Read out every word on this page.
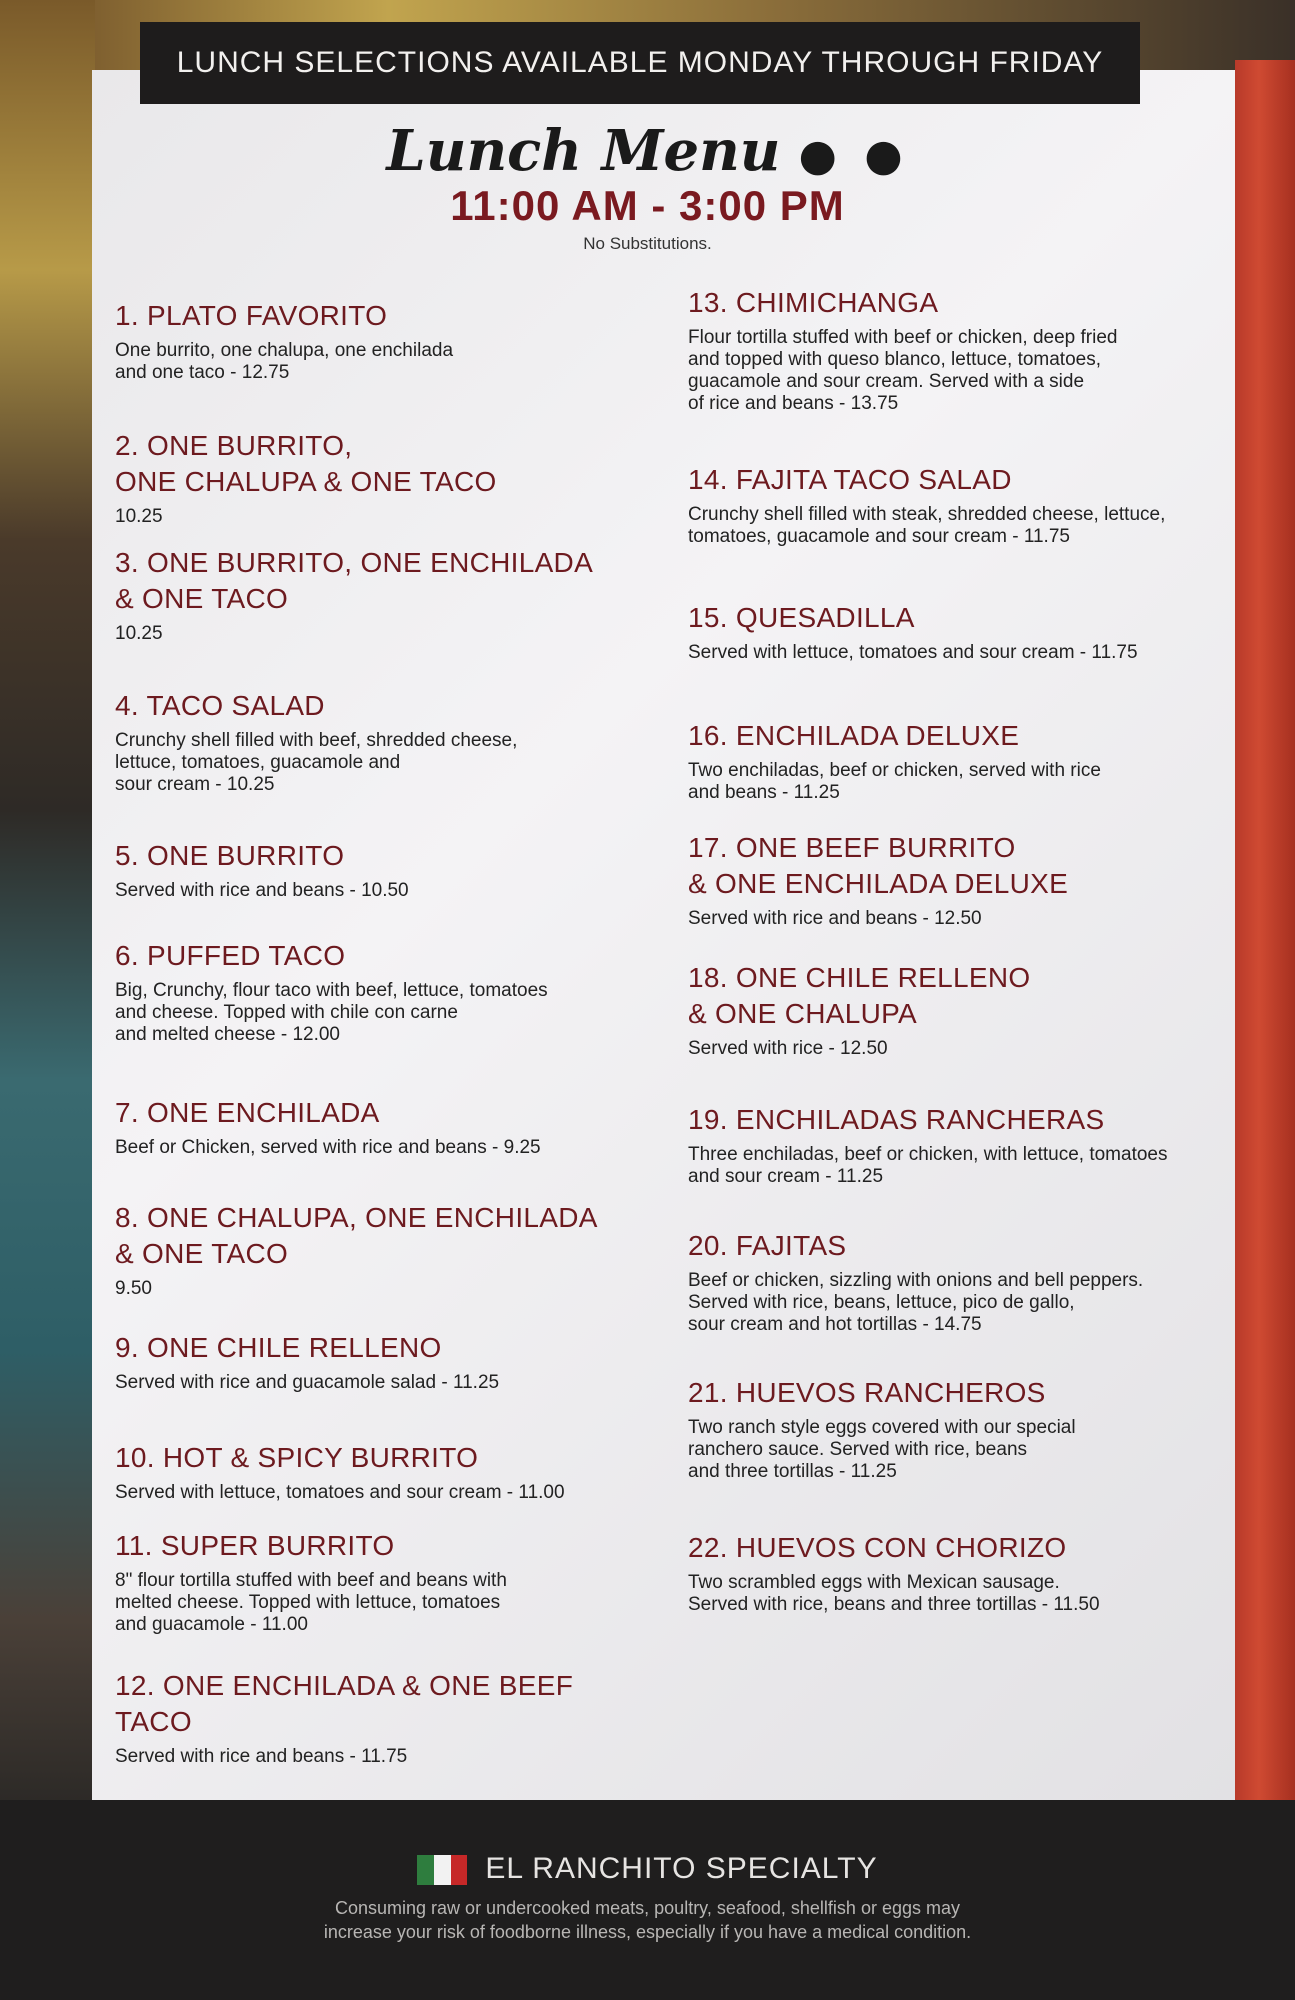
LUNCH SELECTIONS AVAILABLE MONDAY THROUGH FRIDAY
Lunch Menu ● ●
11:00 AM - 3:00 PM
No Substitutions.
1. PLATO FAVORITO
One burrito, one chalupa, one enchilada
and one taco - 12.75
2. ONE BURRITO,
ONE CHALUPA & ONE TACO
10.25
3. ONE BURRITO, ONE ENCHILADA
& ONE TACO
10.25
4. TACO SALAD
Crunchy shell filled with beef, shredded cheese,
lettuce, tomatoes, guacamole and
sour cream - 10.25
5. ONE BURRITO
Served with rice and beans - 10.50
6. PUFFED TACO
Big, Crunchy, flour taco with beef, lettuce, tomatoes
and cheese. Topped with chile con carne
and melted cheese - 12.00
7. ONE ENCHILADA
Beef or Chicken, served with rice and beans - 9.25
8. ONE CHALUPA, ONE ENCHILADA
& ONE TACO
9.50
9. ONE CHILE RELLENO
Served with rice and guacamole salad - 11.25
10. HOT & SPICY BURRITO
Served with lettuce, tomatoes and sour cream - 11.00
11. SUPER BURRITO
8" flour tortilla stuffed with beef and beans with
melted cheese. Topped with lettuce, tomatoes
and guacamole - 11.00
12. ONE ENCHILADA & ONE BEEF TACO
Served with rice and beans - 11.75
13. CHIMICHANGA
Flour tortilla stuffed with beef or chicken, deep fried
and topped with queso blanco, lettuce, tomatoes,
guacamole and sour cream. Served with a side
of rice and beans - 13.75
14. FAJITA TACO SALAD
Crunchy shell filled with steak, shredded cheese, lettuce,
tomatoes, guacamole and sour cream - 11.75
15. QUESADILLA
Served with lettuce, tomatoes and sour cream - 11.75
16. ENCHILADA DELUXE
Two enchiladas, beef or chicken, served with rice
and beans - 11.25
17. ONE BEEF BURRITO
& ONE ENCHILADA DELUXE
Served with rice and beans - 12.50
18. ONE CHILE RELLENO
& ONE CHALUPA
Served with rice - 12.50
19. ENCHILADAS RANCHERAS
Three enchiladas, beef or chicken, with lettuce, tomatoes
and sour cream - 11.25
20. FAJITAS
Beef or chicken, sizzling with onions and bell peppers.
Served with rice, beans, lettuce, pico de gallo,
sour cream and hot tortillas - 14.75
21. HUEVOS RANCHEROS
Two ranch style eggs covered with our special
ranchero sauce. Served with rice, beans
and three tortillas - 11.25
22. HUEVOS CON CHORIZO
Two scrambled eggs with Mexican sausage.
Served with rice, beans and three tortillas - 11.50
EL RANCHITO SPECIALTY
Consuming raw or undercooked meats, poultry, seafood, shellfish or eggs may
increase your risk of foodborne illness, especially if you have a medical condition.
